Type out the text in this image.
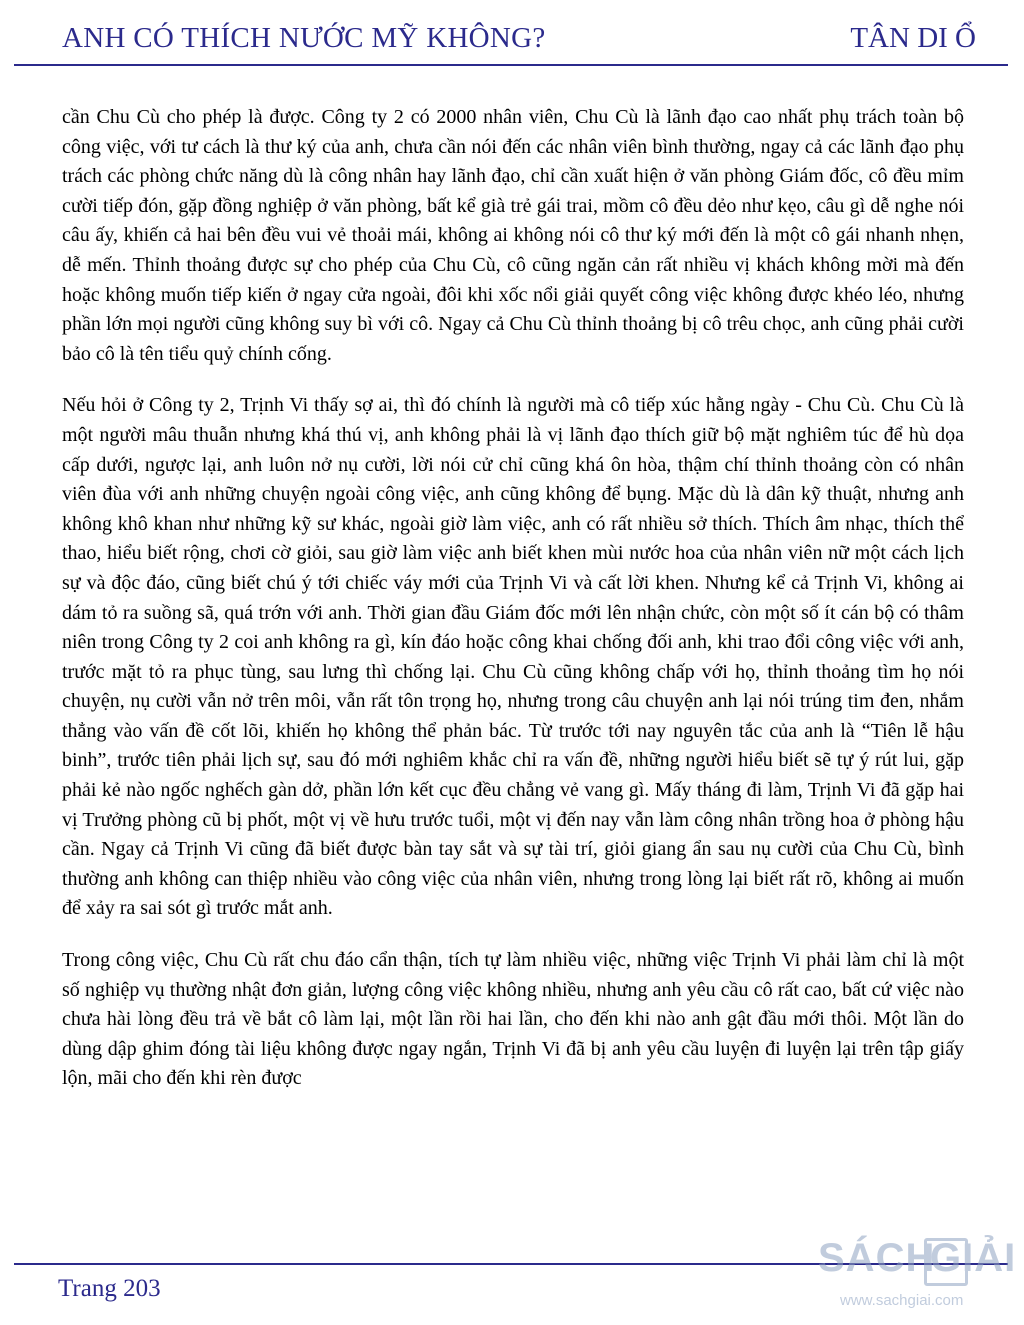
ANH CÓ THÍCH NƯỚC MỸ KHÔNG?	TÂN DI Ổ

cần Chu Cù cho phép là được. Công ty 2 có 2000 nhân viên, Chu Cù là lãnh đạo cao nhất phụ trách toàn bộ công việc, với tư cách là thư ký của anh, chưa cần nói đến các nhân viên bình thường, ngay cả các lãnh đạo phụ trách các phòng chức năng dù là công nhân hay lãnh đạo, chỉ cần xuất hiện ở văn phòng Giám đốc, cô đều mỉm cười tiếp đón, gặp đồng nghiệp ở văn phòng, bất kể già trẻ gái trai, mồm cô đều dẻo như kẹo, câu gì dễ nghe nói câu ấy, khiến cả hai bên đều vui vẻ thoải mái, không ai không nói cô thư ký mới đến là một cô gái nhanh nhẹn, dễ mến. Thỉnh thoảng được sự cho phép của Chu Cù, cô cũng ngăn cản rất nhiều vị khách không mời mà đến hoặc không muốn tiếp kiến ở ngay cửa ngoài, đôi khi xốc nổi giải quyết công việc không được khéo léo, nhưng phần lớn mọi người cũng không suy bì với cô. Ngay cả Chu Cù thỉnh thoảng bị cô trêu chọc, anh cũng phải cười bảo cô là tên tiểu quỷ chính cống.

Nếu hỏi ở Công ty 2, Trịnh Vi thấy sợ ai, thì đó chính là người mà cô tiếp xúc hằng ngày - Chu Cù. Chu Cù là một người mâu thuẫn nhưng khá thú vị, anh không phải là vị lãnh đạo thích giữ bộ mặt nghiêm túc để hù dọa cấp dưới, ngược lại, anh luôn nở nụ cười, lời nói cử chỉ cũng khá ôn hòa, thậm chí thỉnh thoảng còn có nhân viên đùa với anh những chuyện ngoài công việc, anh cũng không để bụng. Mặc dù là dân kỹ thuật, nhưng anh không khô khan như những kỹ sư khác, ngoài giờ làm việc, anh có rất nhiều sở thích. Thích âm nhạc, thích thể thao, hiểu biết rộng, chơi cờ giỏi, sau giờ làm việc anh biết khen mùi nước hoa của nhân viên nữ một cách lịch sự và độc đáo, cũng biết chú ý tới chiếc váy mới của Trịnh Vi và cất lời khen. Nhưng kể cả Trịnh Vi, không ai dám tỏ ra suồng sã, quá trớn với anh. Thời gian đầu Giám đốc mới lên nhận chức, còn một số ít cán bộ có thâm niên trong Công ty 2 coi anh không ra gì, kín đáo hoặc công khai chống đối anh, khi trao đổi công việc với anh, trước mặt tỏ ra phục tùng, sau lưng thì chống lại. Chu Cù cũng không chấp với họ, thỉnh thoảng tìm họ nói chuyện, nụ cười vẫn nở trên môi, vẫn rất tôn trọng họ, nhưng trong câu chuyện anh lại nói trúng tim đen, nhắm thẳng vào vấn đề cốt lõi, khiến họ không thể phản bác. Từ trước tới nay nguyên tắc của anh là “Tiên lễ hậu binh”, trước tiên phải lịch sự, sau đó mới nghiêm khắc chỉ ra vấn đề, những người hiểu biết sẽ tự ý rút lui, gặp phải kẻ nào ngốc nghếch gàn dở, phần lớn kết cục đều chẳng vẻ vang gì. Mấy tháng đi làm, Trịnh Vi đã gặp hai vị Trưởng phòng cũ bị phốt, một vị về hưu trước tuổi, một vị đến nay vẫn làm công nhân trồng hoa ở phòng hậu cần. Ngay cả Trịnh Vi cũng đã biết được bàn tay sắt và sự tài trí, giỏi giang ẩn sau nụ cười của Chu Cù, bình thường anh không can thiệp nhiều vào công việc của nhân viên, nhưng trong lòng lại biết rất rõ, không ai muốn để xảy ra sai sót gì trước mắt anh.

Trong công việc, Chu Cù rất chu đáo cẩn thận, tích tự làm nhiều việc, những việc Trịnh Vi phải làm chỉ là một số nghiệp vụ thường nhật đơn giản, lượng công việc không nhiều, nhưng anh yêu cầu cô rất cao, bất cứ việc nào chưa hài lòng đều trả về bắt cô làm lại, một lần rồi hai lần, cho đến khi nào anh gật đầu mới thôi. Một lần do dùng dập ghim đóng tài liệu không được ngay ngắn, Trịnh Vi đã bị anh yêu cầu luyện đi luyện lại trên tập giấy lộn, mãi cho đến khi rèn được

Trang 203
SÁCH
GIẢI
www.sachgiai.com
